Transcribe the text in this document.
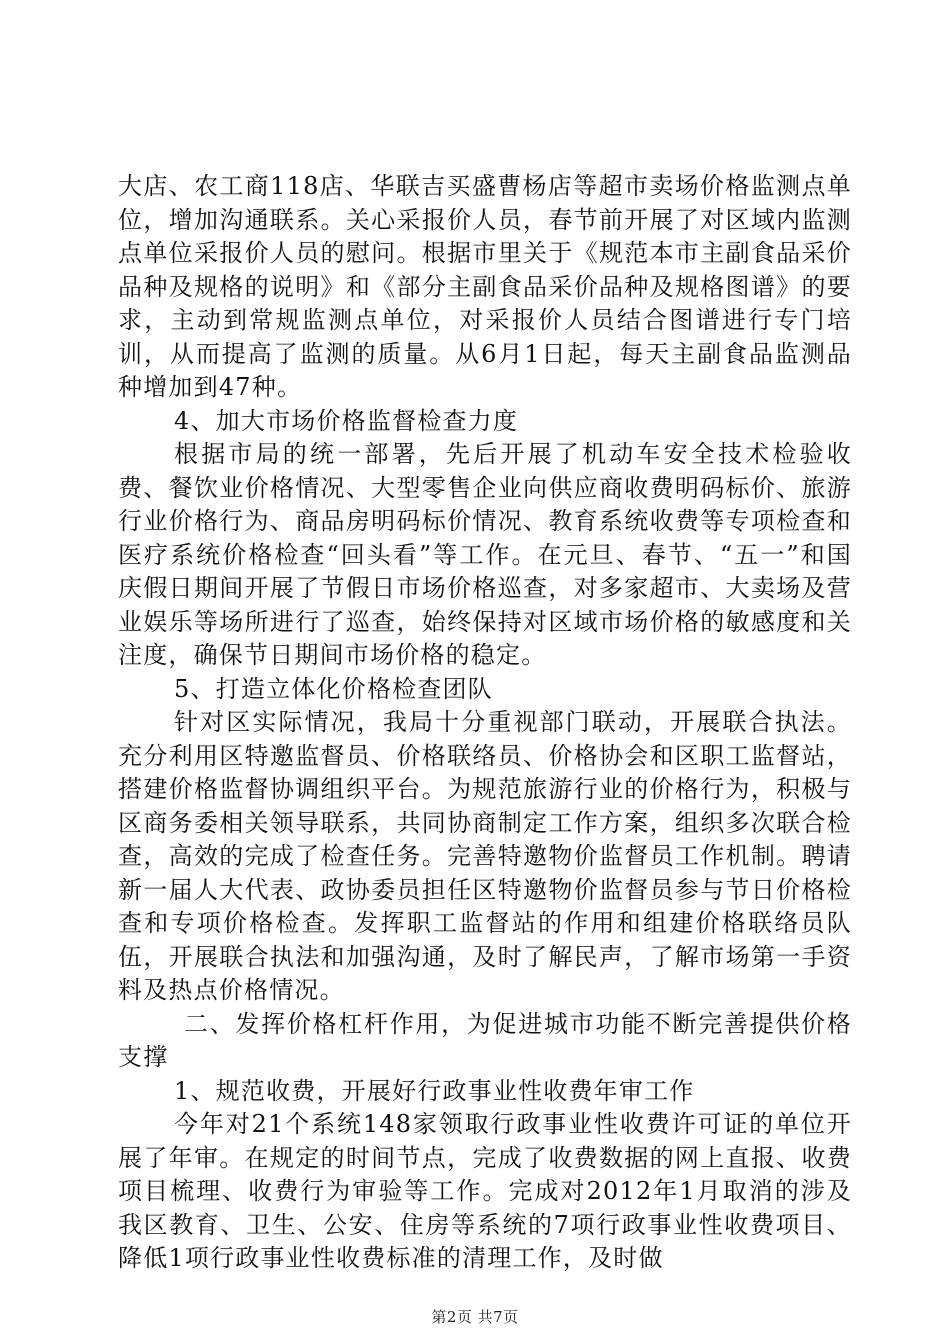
大店、农工商118店、华联吉买盛曹杨店等超市卖场价格监测点单位，增加沟通联系。关心采报价人员，春节前开展了对区域内监测点单位采报价人员的慰问。根据市里关于《规范本市主副食品采价品种及规格的说明》和《部分主副食品采价品种及规格图谱》的要求，主动到常规监测点单位，对采报价人员结合图谱进行专门培训，从而提高了监测的质量。从6月1日起，每天主副食品监测品种增加到47种。

4、加大市场价格监督检查力度

根据市局的统一部署，先后开展了机动车安全技术检验收费、餐饮业价格情况、大型零售企业向供应商收费明码标价、旅游行业价格行为、商品房明码标价情况、教育系统收费等专项检查和医疗系统价格检查“回头看”等工作。在元旦、春节、“五一”和国庆假日期间开展了节假日市场价格巡查，对多家超市、大卖场及营业娱乐等场所进行了巡查，始终保持对区域市场价格的敏感度和关注度，确保节日期间市场价格的稳定。

5、打造立体化价格检查团队

针对区实际情况，我局十分重视部门联动，开展联合执法。充分利用区特邀监督员、价格联络员、价格协会和区职工监督站，搭建价格监督协调组织平台。为规范旅游行业的价格行为，积极与区商务委相关领导联系，共同协商制定工作方案，组织多次联合检查，高效的完成了检查任务。完善特邀物价监督员工作机制。聘请新一届人大代表、政协委员担任区特邀物价监督员参与节日价格检查和专项价格检查。发挥职工监督站的作用和组建价格联络员队伍，开展联合执法和加强沟通，及时了解民声，了解市场第一手资料及热点价格情况。

二、发挥价格杠杆作用，为促进城市功能不断完善提供价格支撑

1、规范收费，开展好行政事业性收费年审工作

今年对21个系统148家领取行政事业性收费许可证的单位开展了年审。在规定的时间节点，完成了收费数据的网上直报、收费项目梳理、收费行为审验等工作。完成对2012年1月取消的涉及我区教育、卫生、公安、住房等系统的7项行政事业性收费项目、降低1项行政事业性收费标准的清理工作，及时做

第2页 共7页
